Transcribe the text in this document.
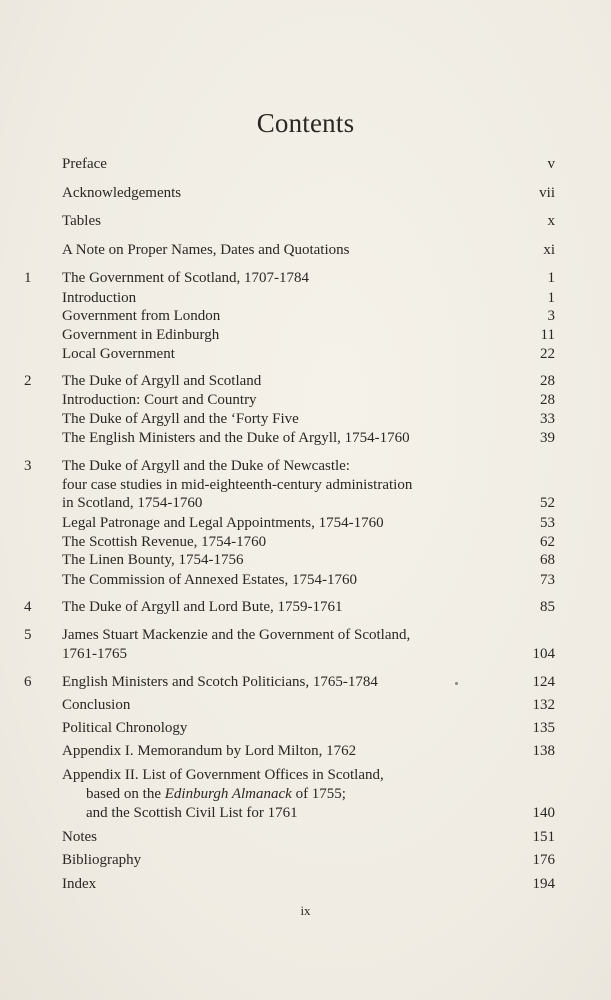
Contents
Preface	v
Acknowledgements	vii
Tables	x
A Note on Proper Names, Dates and Quotations	xi
1	The Government of Scotland, 1707-1784	1
Introduction	1
Government from London	3
Government in Edinburgh	11
Local Government	22
2	The Duke of Argyll and Scotland	28
Introduction: Court and Country	28
The Duke of Argyll and the ‘Forty Five	33
The English Ministers and the Duke of Argyll, 1754-1760	39
3	The Duke of Argyll and the Duke of Newcastle:
four case studies in mid-eighteenth-century administration
in Scotland, 1754-1760	52
Legal Patronage and Legal Appointments, 1754-1760	53
The Scottish Revenue, 1754-1760	62
The Linen Bounty, 1754-1756	68
The Commission of Annexed Estates, 1754-1760	73
4	The Duke of Argyll and Lord Bute, 1759-1761	85
5	James Stuart Mackenzie and the Government of Scotland,
1761-1765	104
6	English Ministers and Scotch Politicians, 1765-1784	124
Conclusion	132
Political Chronology	135
Appendix I. Memorandum by Lord Milton, 1762	138
Appendix II. List of Government Offices in Scotland,
based on the Edinburgh Almanack of 1755;
and the Scottish Civil List for 1761	140
Notes	151
Bibliography	176
Index	194
ix
